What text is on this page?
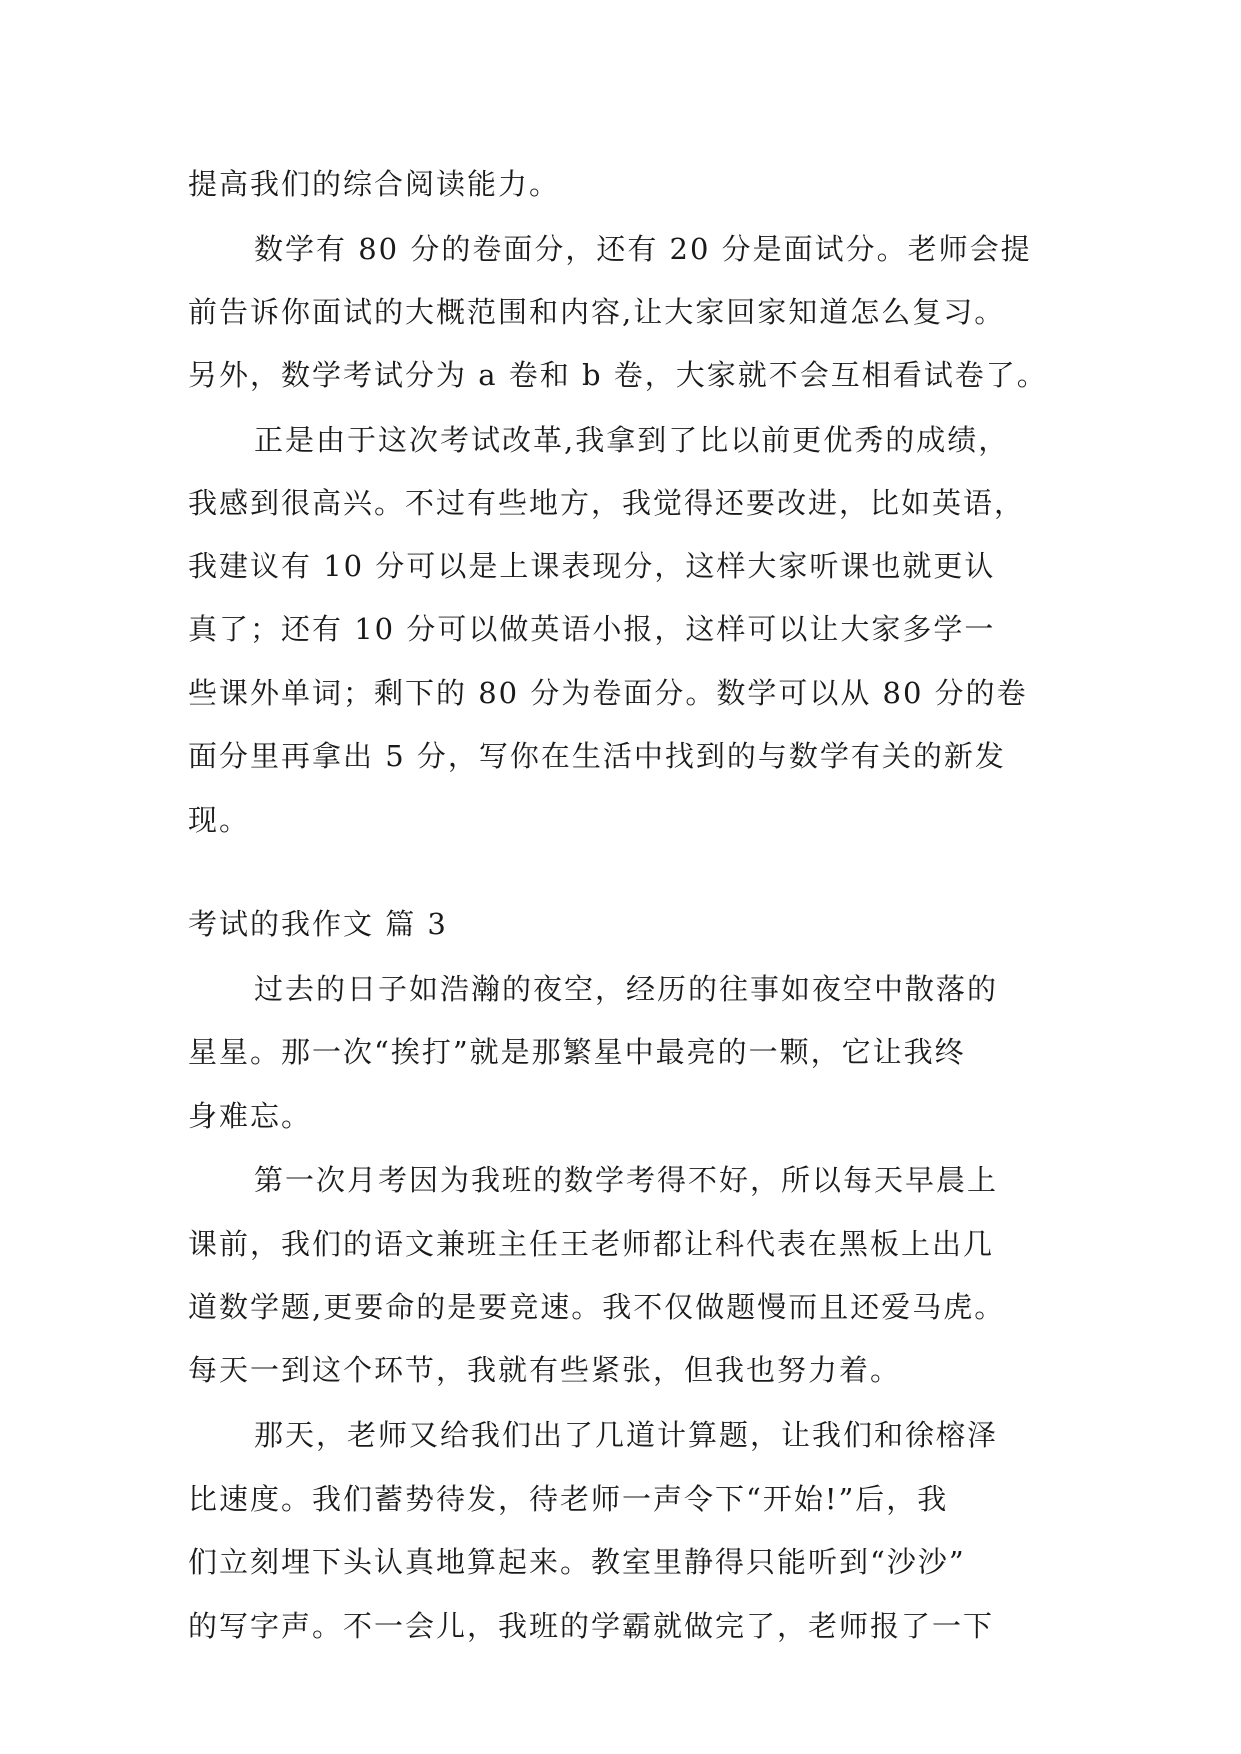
提高我们的综合阅读能力。
数学有 80 分的卷面分，还有 20 分是面试分。老师会提
前告诉你面试的大概范围和内容,让大家回家知道怎么复习。
另外，数学考试分为 a 卷和 b 卷，大家就不会互相看试卷了。
正是由于这次考试改革,我拿到了比以前更优秀的成绩，
我感到很高兴。不过有些地方，我觉得还要改进，比如英语，
我建议有 10 分可以是上课表现分，这样大家听课也就更认
真了；还有 10 分可以做英语小报，这样可以让大家多学一
些课外单词；剩下的 80 分为卷面分。数学可以从 80 分的卷
面分里再拿出 5 分，写你在生活中找到的与数学有关的新发
现。
考试的我作文 篇 3
过去的日子如浩瀚的夜空，经历的往事如夜空中散落的
星星。那一次“挨打”就是那繁星中最亮的一颗，它让我终
身难忘。
第一次月考因为我班的数学考得不好，所以每天早晨上
课前，我们的语文兼班主任王老师都让科代表在黑板上出几
道数学题,更要命的是要竞速。我不仅做题慢而且还爱马虎。
每天一到这个环节，我就有些紧张，但我也努力着。
那天，老师又给我们出了几道计算题，让我们和徐榕泽
比速度。我们蓄势待发，待老师一声令下“开始!”后，我
们立刻埋下头认真地算起来。教室里静得只能听到“沙沙”
的写字声。不一会儿，我班的学霸就做完了，老师报了一下
